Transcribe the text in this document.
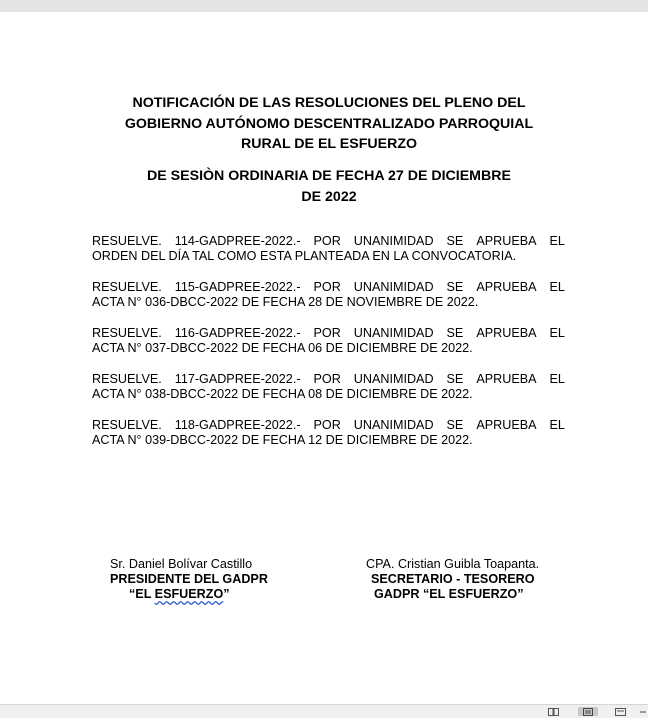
NOTIFICACIÓN DE LAS RESOLUCIONES DEL PLENO DEL
GOBIERNO AUTÓNOMO DESCENTRALIZADO PARROQUIAL
RURAL DE EL ESFUERZO
DE SESIÒN ORDINARIA DE FECHA 27 DE DICIEMBRE
DE 2022
RESUELVE. 114-GADPREE-2022.- POR UNANIMIDAD SE APRUEBA EL
ORDEN DEL DÍA TAL COMO ESTA PLANTEADA EN LA CONVOCATORIA.
RESUELVE. 115-GADPREE-2022.- POR UNANIMIDAD SE APRUEBA EL
ACTA N° 036-DBCC-2022 DE FECHA 28 DE NOVIEMBRE DE 2022.
RESUELVE. 116-GADPREE-2022.- POR UNANIMIDAD SE APRUEBA EL
ACTA N° 037-DBCC-2022 DE FECHA 06 DE DICIEMBRE DE 2022.
RESUELVE. 117-GADPREE-2022.- POR UNANIMIDAD SE APRUEBA EL
ACTA N° 038-DBCC-2022 DE FECHA 08 DE DICIEMBRE DE 2022.
RESUELVE. 118-GADPREE-2022.- POR UNANIMIDAD SE APRUEBA EL
ACTA N° 039-DBCC-2022 DE FECHA 12 DE DICIEMBRE DE 2022.
Sr. Daniel Bolívar Castillo
PRESIDENTE DEL GADPR
“EL ESFUERZO”
CPA. Cristian Guibla Toapanta.
SECRETARIO - TESORERO
GADPR “EL ESFUERZO”
